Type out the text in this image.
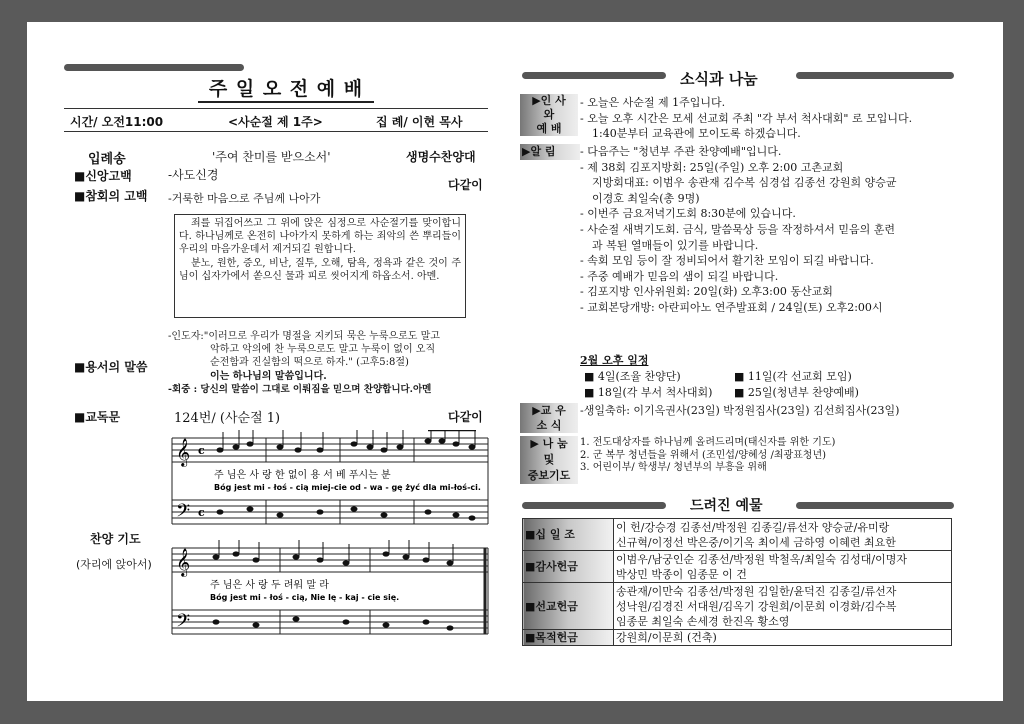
주 일 오 전 예 배
시간/ 오전11:00	<사순절 제 1주>	집 례/ 이현 목사
입례송	'주여 찬미를 받으소서'	생명수찬양대
■신앙고백	-사도신경
다같이
■참회의 고백 -거룩한 마음으로 주님께 나아가

죄를 뒤집어쓰고 그 위에 앉은 심정으로 사순절기를 맞이합니다. 하나님께로 온전히 나아가지 못하게 하는 죄악의 쓴 뿌리들이 우리의 마음가운데서 제거되길 원합니다.

분노, 원한, 증오, 비난, 질투, 오해, 탐욕, 정욕과 같은 것이 주님이 십자가에서 쏟으신 물과 피로 씻어지게 하옵소서. 아멘.

-인도자:"이러므로 우리가 명절을 지키되 묵은 누룩으로도 말고
악하고 악의에 찬 누룩으로도 말고 누룩이 없이 오직
순전함과 진실함의 떡으로 하자." (고후5:8절)
이는 하나님의 말씀입니다.
-회중 : 당신의 말씀이 그대로 이뤄짐을 믿으며 찬양합니다.아멘
■용서의 말씀
■교독문	124번/ (사순절 1)	다같이
찬양 기도
(자리에 앉아서)
𝄞
𝄢
c
c
주 님은 사 랑 한 없이 용 서 베 푸시는 분
Bóg jest mi - łoś - cią miej-cie od - wa - gę żyć dla mi-łoś-ci.
𝄞
𝄢
주 님은 사 랑 두 려워 말 라
Bóg jest mi - łoś - cią, Nie lę - kaj - cie się.
소식과 나눔
▶인 사
와
예 배
- 오늘은 사순절 제 1주입니다.
- 오늘 오후 시간은 모세 선교회 주최 "각 부서 척사대회" 로 모입니다.
1:40분부터 교육관에 모이도록 하겠습니다.
▶알 림	- 다음주는 "청년부 주관 찬양예배"입니다.
- 제 38회 김포지방회: 25일(주일) 오후 2:00 고촌교회
지방회대표: 이범우 송관재 김수복 심경섭 김종선 강원희 양승균
이경호 최일숙(총 9명)
- 이번주 금요저녁기도회 8:30분에 있습니다.
- 사순절 새벽기도회. 금식, 말씀묵상 등을 작정하셔서 믿음의 훈련
과 복된 열매들이 있기를 바랍니다.
- 속회 모임 등이 잘 정비되어서 활기찬 모임이 되길 바랍니다.
- 주중 예배가 믿음의 샘이 되길 바랍니다.
- 김포지방 인사위원회: 20일(화) 오후3:00 동산교회
- 교회본당개방: 아란피아노 연주발표회 / 24일(토) 오후2:00시
2월 오후 일정
■ 4일(조율 찬양단)	■ 11일(각 선교회 모임)
■ 18일(각 부서 척사대회) ■ 25일(청년부 찬양예배)
▶교 우
소 식
-생일축하: 이기옥권사(23일) 박정원집사(23일) 김선희집사(23일)
▶ 나 눔
및
중보기도
1. 전도대상자를 하나님께 올려드리며(태신자를 위한 기도)
2. 군 복무 청년들을 위해서 (조민섭/양혜성 /최광표청년)
3. 어린이부/ 학생부/ 청년부의 부흥을 위해
드려진 예물
■십 일 조	이 헌/강승경 김종선/박정원 김종길/류선자 양승균/유미랑
신규혁/이정선 박은중/이기옥 최이세 금하영 이혜련 최요한

■감사헌금	이범우/남궁인순 김종선/박정원 박철옥/최일숙 김성대/이명자
박상민 박종이 임종문 이 건

■선교헌금	송관재/이만숙 김종선/박정원 김일한/윤덕진 김종길/류선자
성낙원/김경진 서대원/김옥기 강원희/이문희 이경화/김수복
임종문 최일숙 손세경 한진옥 황소영

■목적헌금	강원희/이문희 (건축)
